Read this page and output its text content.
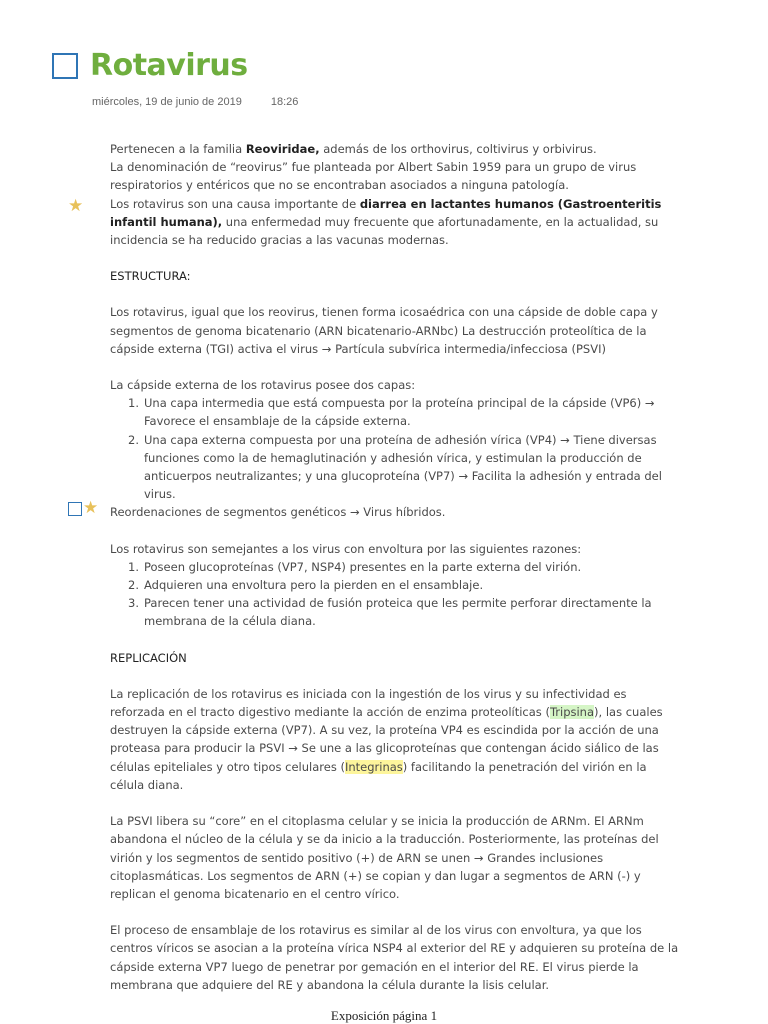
Rotavirus
miércoles, 19 de junio de 2019	18:26
★
★

Pertenecen a la familia Reoviridae, además de los orthovirus, coltivirus y orbivirus.

La denominación de “reovirus” fue planteada por Albert Sabin 1959 para un grupo de virus respiratorios y entéricos que no se encontraban asociados a ninguna patología.

Los rotavirus son una causa importante de diarrea en lactantes humanos (Gastroenteritis infantil humana), una enfermedad muy frecuente que afortunadamente, en la actualidad, su incidencia se ha reducido gracias a las vacunas modernas.

ESTRUCTURA:

Los rotavirus, igual que los reovirus, tienen forma icosaédrica con una cápside de doble capa y segmentos de genoma bicatenario (ARN bicatenario-ARNbc) La destrucción proteolítica de la cápside externa (TGI) activa el virus → Partícula subvírica intermedia/infecciosa (PSVI)

La cápside externa de los rotavirus posee dos capas:

1. Una capa intermedia que está compuesta por la proteína principal de la cápside (VP6) → Favorece el ensamblaje de la cápside externa.
2. Una capa externa compuesta por una proteína de adhesión vírica (VP4) → Tiene diversas funciones como la de hemaglutinación y adhesión vírica, y estimulan la producción de anticuerpos neutralizantes; y una glucoproteína (VP7) → Facilita la adhesión y entrada del virus.

Reordenaciones de segmentos genéticos → Virus híbridos.

Los rotavirus son semejantes a los virus con envoltura por las siguientes razones:

1. Poseen glucoproteínas (VP7, NSP4) presentes en la parte externa del virión.
2. Adquieren una envoltura pero la pierden en el ensamblaje.
3. Parecen tener una actividad de fusión proteica que les permite perforar directamente la membrana de la célula diana.

REPLICACIÓN

La replicación de los rotavirus es iniciada con la ingestión de los virus y su infectividad es reforzada en el tracto digestivo mediante la acción de enzima proteolíticas (Tripsina), las cuales destruyen la cápside externa (VP7). A su vez, la proteína VP4 es escindida por la acción de una proteasa para producir la PSVI → Se une a las glicoproteínas que contengan ácido siálico de las células epiteliales y otro tipos celulares (Integrinas) facilitando la penetración del virión en la célula diana.

La PSVI libera su “core” en el citoplasma celular y se inicia la producción de ARNm. El ARNm abandona el núcleo de la célula y se da inicio a la traducción. Posteriormente, las proteínas del virión y los segmentos de sentido positivo (+) de ARN se unen → Grandes inclusiones citoplasmáticas. Los segmentos de ARN (+) se copian y dan lugar a segmentos de ARN (-) y replican el genoma bicatenario en el centro vírico.

El proceso de ensamblaje de los rotavirus es similar al de los virus con envoltura, ya que los centros víricos se asocian a la proteína vírica NSP4 al exterior del RE y adquieren su proteína de la cápside externa VP7 luego de penetrar por gemación en el interior del RE. El virus pierde la membrana que adquiere del RE y abandona la célula durante la lisis celular.

Exposición página 1
